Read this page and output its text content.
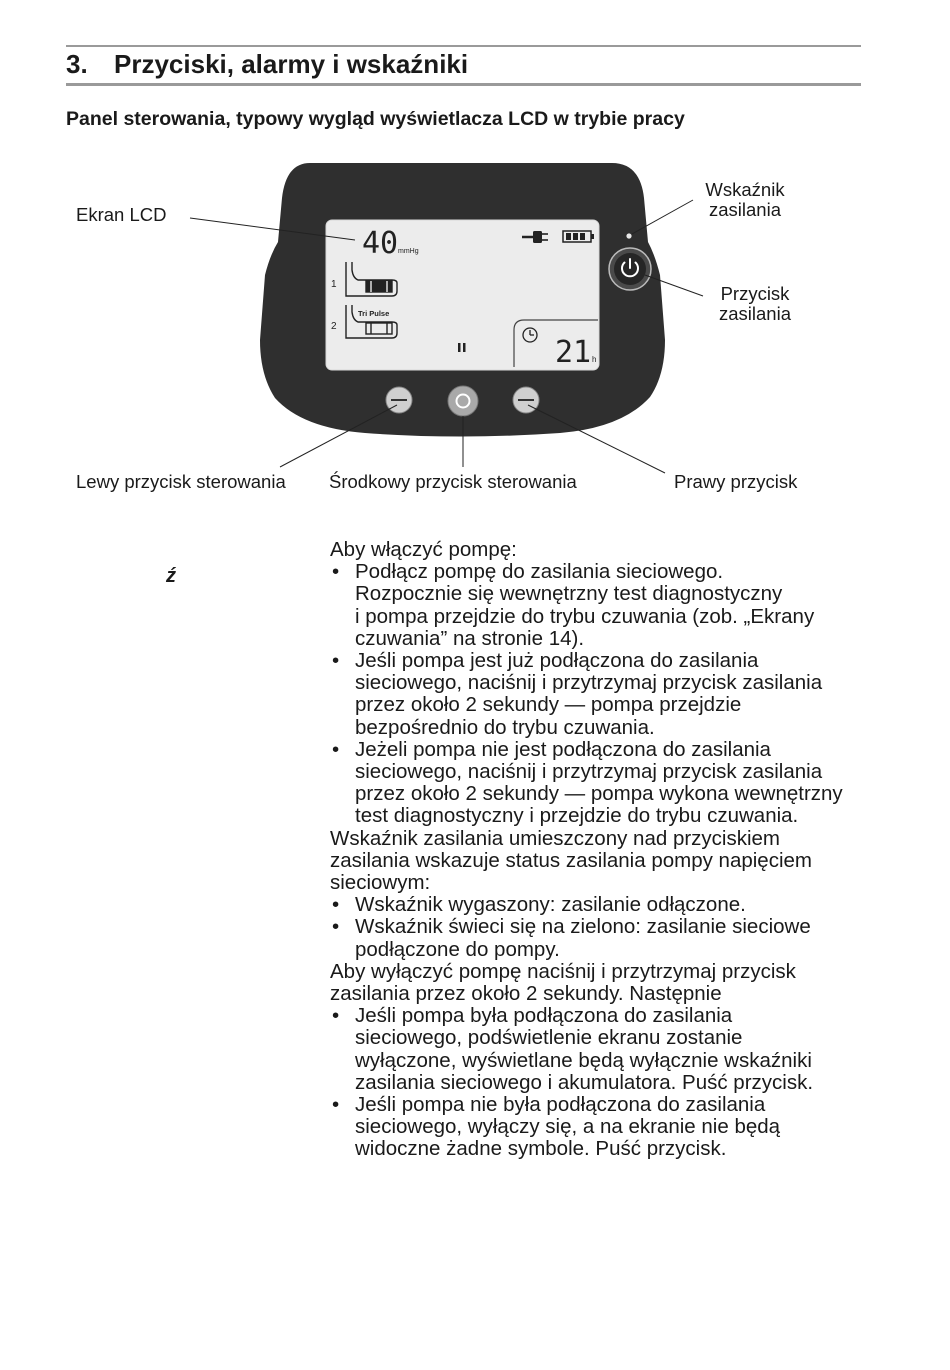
3. Przyciski, alarmy i wskaźniki
Panel sterowania, typowy wygląd wyświetlacza LCD w trybie pracy
40 mmHg
1
2
Tri Pulse
21 h
Ekran LCD
Wskaźnik
zasilania
Przycisk
zasilania
Lewy przycisk sterowania Środkowy przycisk sterowania	Prawy przycisk
ź

Aby włączyć pompę:

• Podłącz pompę do zasilania sieciowego.
Rozpocznie się wewnętrzny test diagnostyczny
i pompa przejdzie do trybu czuwania (zob. „Ekrany
czuwania” na stronie 14).
• Jeśli pompa jest już podłączona do zasilania
sieciowego, naciśnij i przytrzymaj przycisk zasilania
przez około 2 sekundy — pompa przejdzie
bezpośrednio do trybu czuwania.
• Jeżeli pompa nie jest podłączona do zasilania
sieciowego, naciśnij i przytrzymaj przycisk zasilania
przez około 2 sekundy — pompa wykona wewnętrzny
test diagnostyczny i przejdzie do trybu czuwania.

Wskaźnik zasilania umieszczony nad przyciskiem
zasilania wskazuje status zasilania pompy napięciem
sieciowym:

• Wskaźnik wygaszony: zasilanie odłączone.
• Wskaźnik świeci się na zielono: zasilanie sieciowe
podłączone do pompy.

Aby wyłączyć pompę naciśnij i przytrzymaj przycisk
zasilania przez około 2 sekundy. Następnie

• Jeśli pompa była podłączona do zasilania
sieciowego, podświetlenie ekranu zostanie
wyłączone, wyświetlane będą wyłącznie wskaźniki
zasilania sieciowego i akumulatora. Puść przycisk.
• Jeśli pompa nie była podłączona do zasilania
sieciowego, wyłączy się, a na ekranie nie będą
widoczne żadne symbole. Puść przycisk.
